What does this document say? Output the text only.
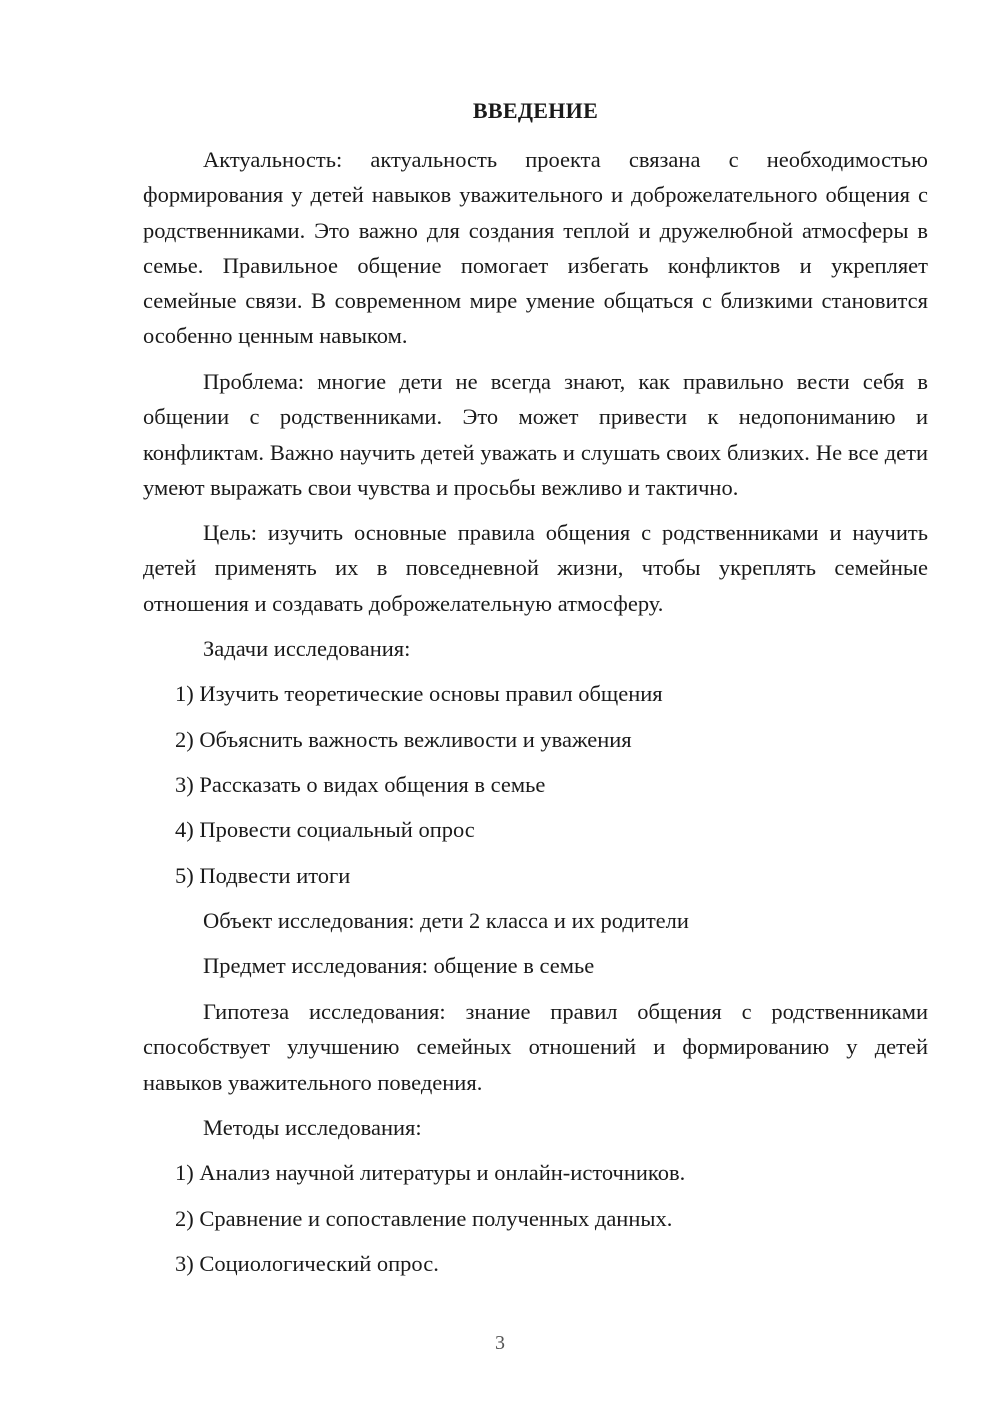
ВВЕДЕНИЕ
Актуальность: актуальность проекта связана с необходимостью формирования у детей навыков уважительного и доброжелательного общения с родственниками. Это важно для создания теплой и дружелюбной атмосферы в семье. Правильное общение помогает избегать конфликтов и укрепляет семейные связи. В современном мире умение общаться с близкими становится особенно ценным навыком.
Проблема: многие дети не всегда знают, как правильно вести себя в общении с родственниками. Это может привести к недопониманию и конфликтам. Важно научить детей уважать и слушать своих близких. Не все дети умеют выражать свои чувства и просьбы вежливо и тактично.
Цель: изучить основные правила общения с родственниками и научить детей применять их в повседневной жизни, чтобы укреплять семейные отношения и создавать доброжелательную атмосферу.
Задачи исследования:
1) Изучить теоретические основы правил общения
2) Объяснить важность вежливости и уважения
3) Рассказать о видах общения в семье
4) Провести социальный опрос
5) Подвести итоги
Объект исследования: дети 2 класса и их родители
Предмет исследования: общение в семье
Гипотеза исследования: знание правил общения с родственниками способствует улучшению семейных отношений и формированию у детей навыков уважительного поведения.
Методы исследования:
1) Анализ научной литературы и онлайн-источников.
2) Сравнение и сопоставление полученных данных.
3) Социологический опрос.
3
